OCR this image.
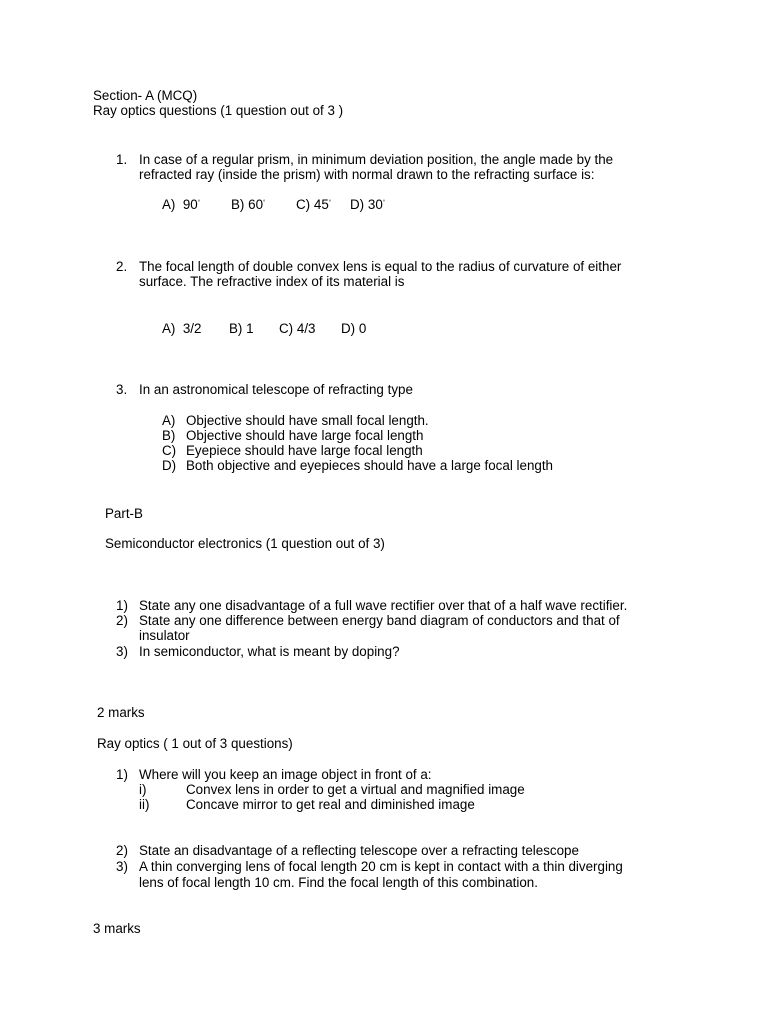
Section- A (MCQ)
Ray optics questions (1 question out of 3 )
1. In case of a regular prism, in minimum deviation position, the angle made by the
refracted ray (inside the prism) with normal drawn to the refracting surface is:
A) 90° B) 60° C) 45° D) 30°
2. The focal length of double convex lens is equal to the radius of curvature of either
surface. The refractive index of its material is
A) 3/2 B) 1 C) 4/3 D) 0
3. In an astronomical telescope of refracting type
A) Objective should have small focal length.
B) Objective should have large focal length
C) Eyepiece should have large focal length
D) Both objective and eyepieces should have a large focal length
Part-B
Semiconductor electronics (1 question out of 3)
1) State any one disadvantage of a full wave rectifier over that of a half wave rectifier.
2) State any one difference between energy band diagram of conductors and that of
insulator
3) In semiconductor, what is meant by doping?
2 marks
Ray optics ( 1 out of 3 questions)
1) Where will you keep an image object in front of a:
i)	Convex lens in order to get a virtual and magnified image
ii)	Concave mirror to get real and diminished image
2) State an disadvantage of a reflecting telescope over a refracting telescope
3) A thin converging lens of focal length 20 cm is kept in contact with a thin diverging
lens of focal length 10 cm. Find the focal length of this combination.
3 marks
